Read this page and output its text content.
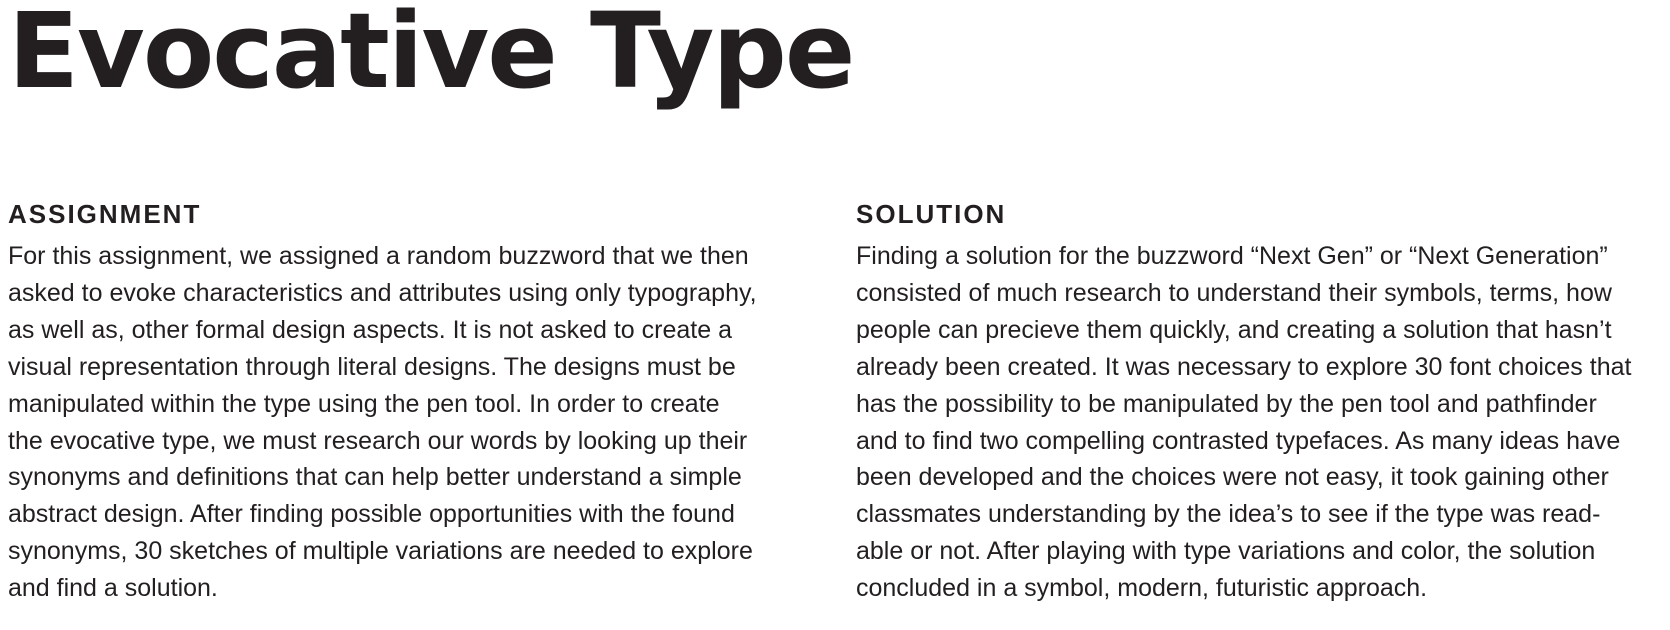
Evocative Type
ASSIGNMENT

For this assignment, we assigned a random buzzword that we then
asked to evoke characteristics and attributes using only typography,
as well as, other formal design aspects. It is not asked to create a
visual representation through literal designs. The designs must be
manipulated within the type using the pen tool. In order to create
the evocative type, we must research our words by looking up their
synonyms and definitions that can help better understand a simple
abstract design. After finding possible opportunities with the found
synonyms, 30 sketches of multiple variations are needed to explore
and find a solution.

SOLUTION

Finding a solution for the buzzword “Next Gen” or “Next Generation”
consisted of much research to understand their symbols, terms, how
people can precieve them quickly, and creating a solution that hasn’t
already been created. It was necessary to explore 30 font choices that
has the possibility to be manipulated by the pen tool and pathfinder
and to find two compelling contrasted typefaces. As many ideas have
been developed and the choices were not easy, it took gaining other
classmates understanding by the idea’s to see if the type was read-
able or not. After playing with type variations and color, the solution
concluded in a symbol, modern, futuristic approach.
